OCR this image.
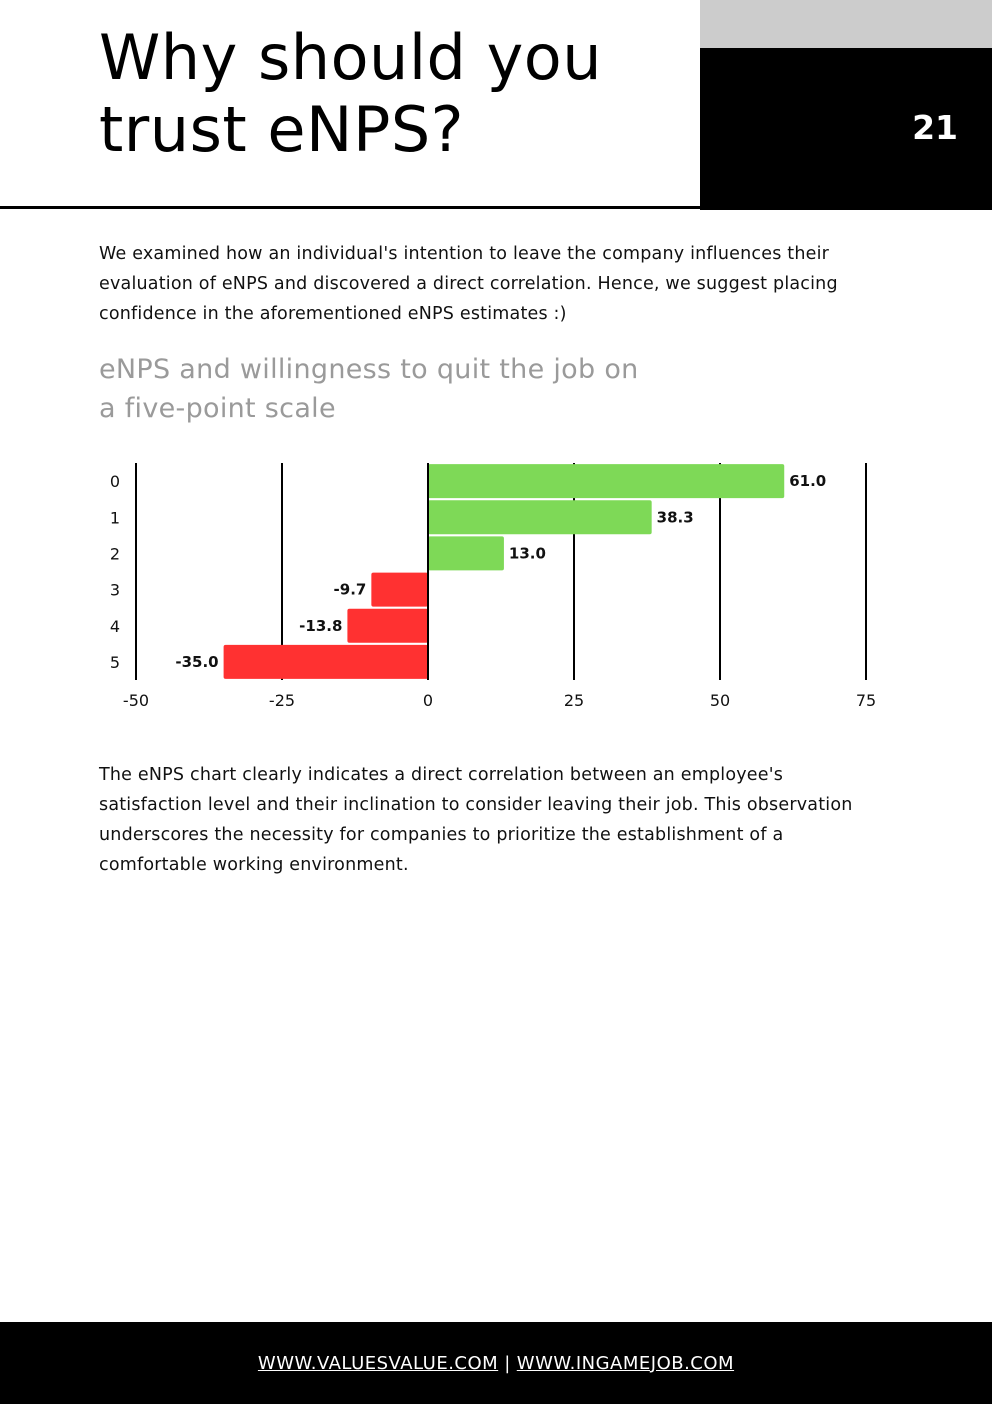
21
Why should you
trust eNPS?

We examined how an individual's intention to leave the company influences their evaluation of eNPS and discovered a direct correlation. Hence, we suggest placing confidence in the aforementioned eNPS estimates :)

eNPS and willingness to quit the job on
a five-point scale
61.0
0
38.3
1
13.0
2
-9.7
3
-13.8
4
-35.0
5
-50	-25	0	25	50	75

The eNPS chart clearly indicates a direct correlation between an employee's satisfaction level and their inclination to consider leaving their job. This observation underscores the necessity for companies to prioritize the establishment of a comfortable working environment.

WWW.VALUESVALUE.COM | WWW.INGAMEJOB.COM
